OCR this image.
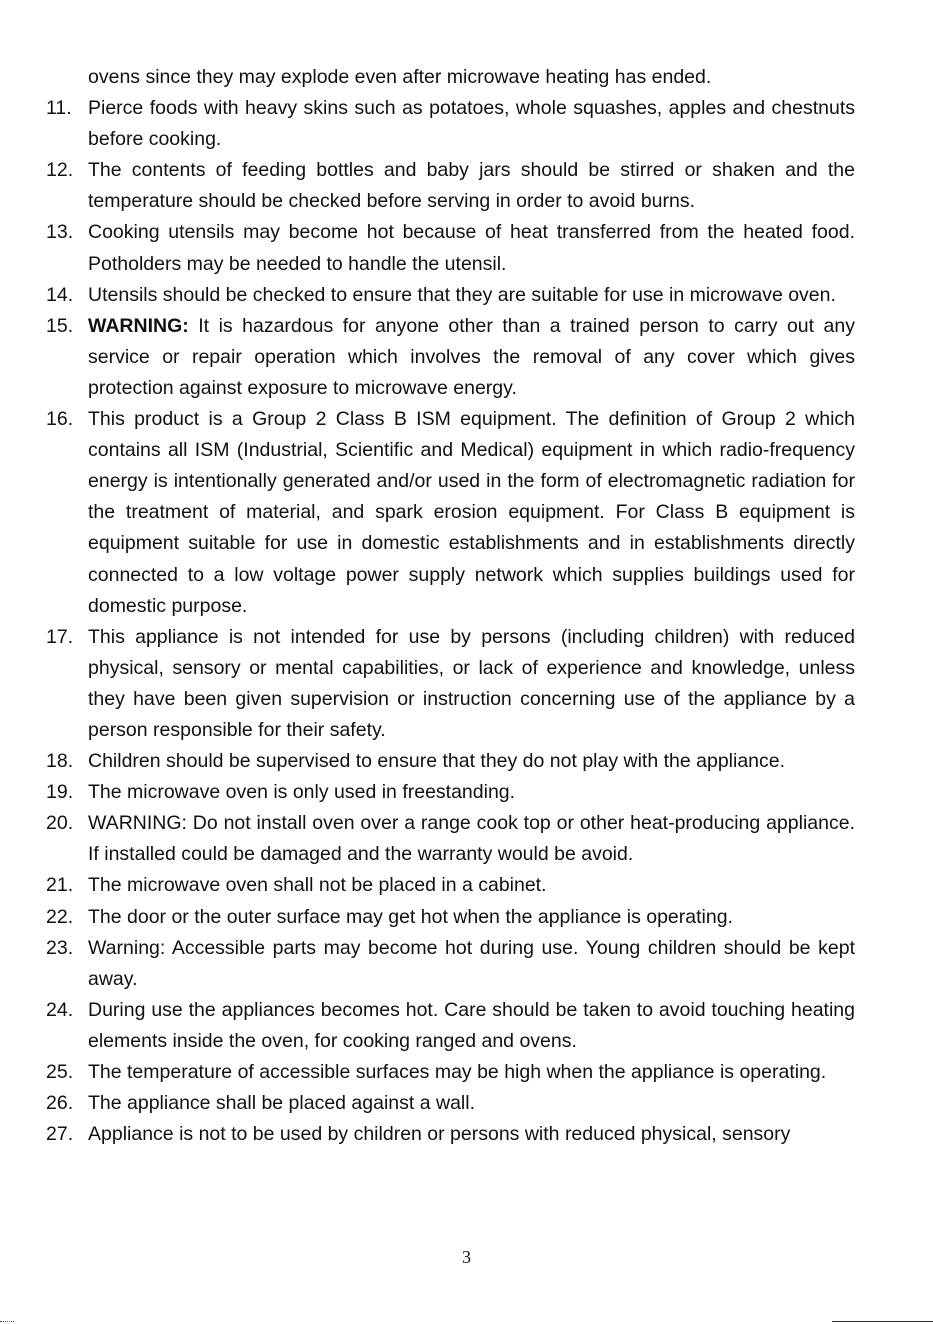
ovens since they may explode even after microwave heating has ended.
11. Pierce foods with heavy skins such as potatoes, whole squashes, apples and chestnuts before cooking.
12. The contents of feeding bottles and baby jars should be stirred or shaken and the temperature should be checked before serving in order to avoid burns.
13. Cooking utensils may become hot because of heat transferred from the heated food. Potholders may be needed to handle the utensil.
14. Utensils should be checked to ensure that they are suitable for use in microwave oven.
15. WARNING: It is hazardous for anyone other than a trained person to carry out any service or repair operation which involves the removal of any cover which gives protection against exposure to microwave energy.
16. This product is a Group 2 Class B ISM equipment. The definition of Group 2 which contains all ISM (Industrial, Scientific and Medical) equipment in which radio-frequency energy is intentionally generated and/or used in the form of electromagnetic radiation for the treatment of material, and spark erosion equipment. For Class B equipment is equipment suitable for use in domestic establishments and in establishments directly connected to a low voltage power supply network which supplies buildings used for domestic purpose.
17. This appliance is not intended for use by persons (including children) with reduced physical, sensory or mental capabilities, or lack of experience and knowledge, unless they have been given supervision or instruction concerning use of the appliance by a person responsible for their safety.
18. Children should be supervised to ensure that they do not play with the appliance.
19. The microwave oven is only used in freestanding.
20. WARNING: Do not install oven over a range cook top or other heat-producing appliance. If installed could be damaged and the warranty would be avoid.
21. The microwave oven shall not be placed in a cabinet.
22. The door or the outer surface may get hot when the appliance is operating.
23. Warning: Accessible parts may become hot during use. Young children should be kept away.
24. During use the appliances becomes hot. Care should be taken to avoid touching heating elements inside the oven, for cooking ranged and ovens.
25. The temperature of accessible surfaces may be high when the appliance is operating.
26. The appliance shall be placed against a wall.
27. Appliance is not to be used by children or persons with reduced physical, sensory
3
